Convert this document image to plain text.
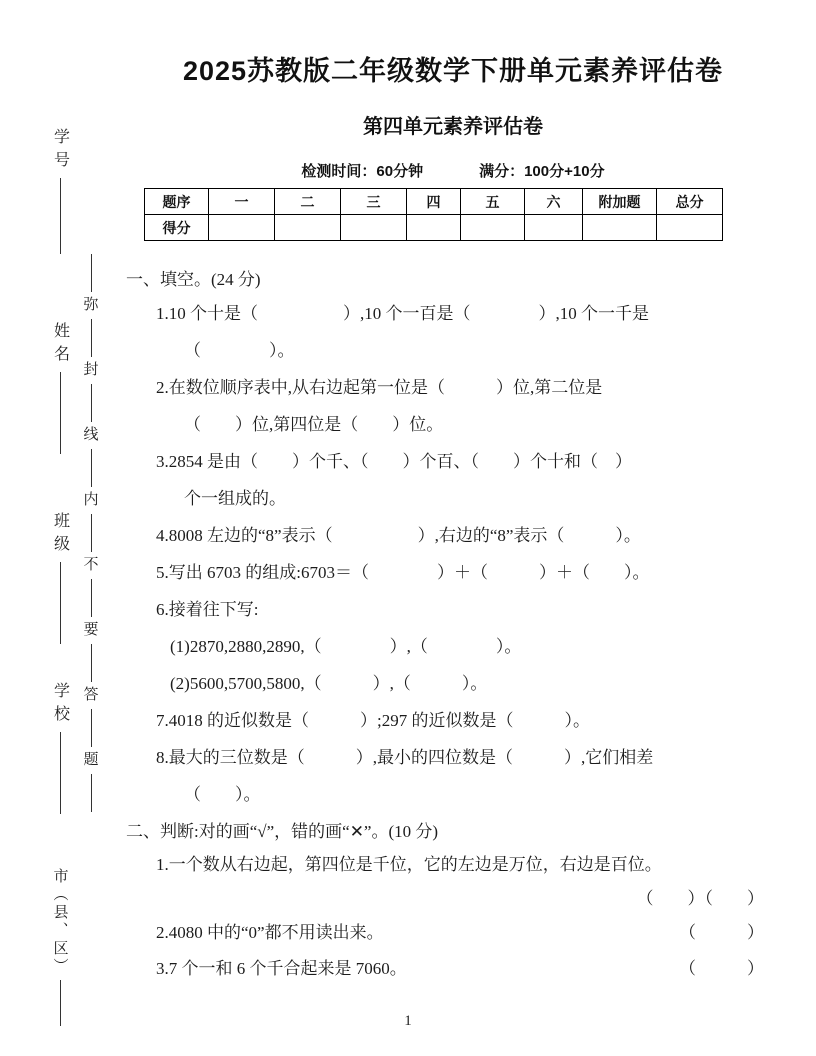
学号
姓名
班级
学校
市（县、区）
弥
封
线
内
不
要
答
题
2025苏教版二年级数学下册单元素养评估卷
第四单元素养评估卷
检测时间：60分钟	满分：100分+10分
题序	一	二	三	四	五	六	附加题	总分
得分								
一、填空。(24 分)
1.10 个十是（　　　　　）,10 个一百是（　　　　）,10 个一千是
（　　　　）。
2.在数位顺序表中,从右边起第一位是（　　　）位,第二位是
（　　）位,第四位是（　　）位。
3.2854 是由（　　）个千、（　　）个百、（　　）个十和（　）
个一组成的。
4.8008 左边的“8”表示（　　　　　）,右边的“8”表示（　　　）。
5.写出 6703 的组成:6703＝（　　　　）＋（　　　）＋（　　）。
6.接着往下写:
(1)2870,2880,2890,（　　　　）,（　　　　）。
(2)5600,5700,5800,（　　　）,（　　　）。
7.4018 的近似数是（　　　）;297 的近似数是（　　　）。
8.最大的三位数是（　　　）,最小的四位数是（　　　）,它们相差
（　　）。
二、判断:对的画“√”，错的画“✕”。(10 分)
1.一个数从右边起，第四位是千位，它的左边是万位，右边是百位。
（　　）（　　）
2.4080 中的“0”都不用读出来。	（　　　）
3.7 个一和 6 个千合起来是 7060。	（　　　）
1
